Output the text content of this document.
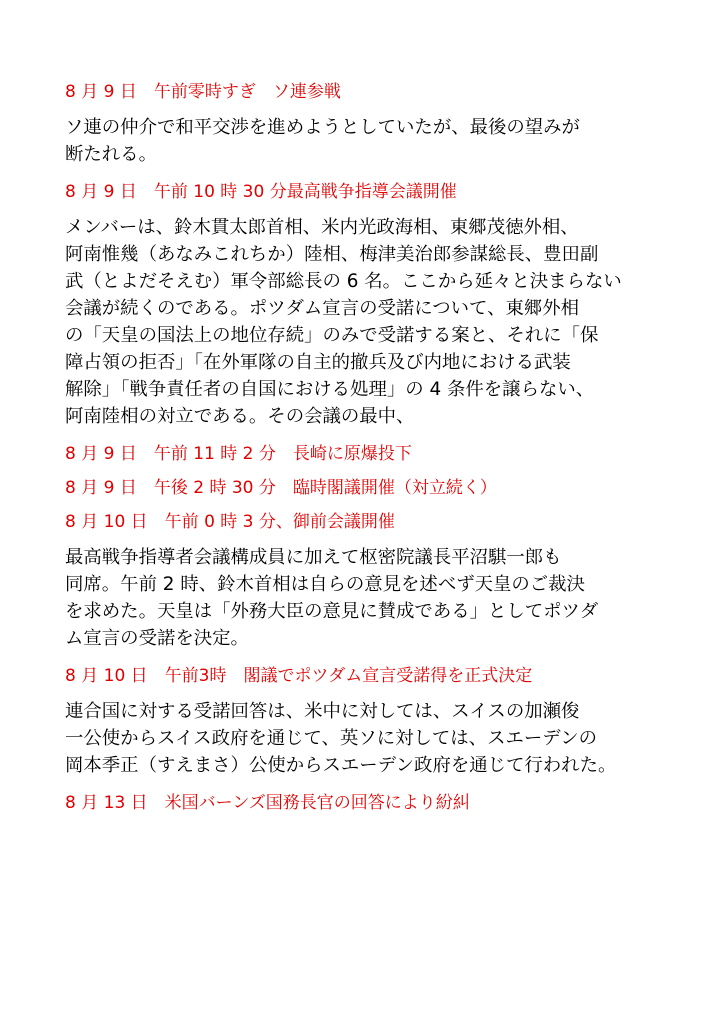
8 月 9 日　午前零時すぎ　ソ連参戦
ソ連の仲介で和平交渉を進めようとしていたが、最後の望みが
断たれる。
8 月 9 日　午前 10 時 30 分最高戦争指導会議開催
メンバーは、鈴木貫太郎首相、米内光政海相、東郷茂徳外相、
阿南惟幾（あなみこれちか）陸相、梅津美治郎参謀総長、豊田副
武（とよだそえむ）軍令部総長の 6 名。ここから延々と決まらない
会議が続くのである。ポツダム宣言の受諾について、東郷外相
の「天皇の国法上の地位存続」のみで受諾する案と、それに「保
障占領の拒否」「在外軍隊の自主的撤兵及び内地における武装
解除」「戦争責任者の自国における処理」の 4 条件を譲らない、
阿南陸相の対立である。その会議の最中、
8 月 9 日　午前 11 時 2 分　長崎に原爆投下
8 月 9 日　午後 2 時 30 分　臨時閣議開催（対立続く）
8 月 10 日　午前 0 時 3 分、御前会議開催
最高戦争指導者会議構成員に加えて枢密院議長平沼騏一郎も
同席。午前 2 時、鈴木首相は自らの意見を述べず天皇のご裁決
を求めた。天皇は「外務大臣の意見に賛成である」としてポツダ
ム宣言の受諾を決定。
8 月 10 日　午前3時　閣議でポツダム宣言受諾得を正式決定
連合国に対する受諾回答は、米中に対しては、スイスの加瀬俊
一公使からスイス政府を通じて、英ソに対しては、スエーデンの
岡本季正（すえまさ）公使からスエーデン政府を通じて行われた。
8 月 13 日　米国バーンズ国務長官の回答により紛糾
